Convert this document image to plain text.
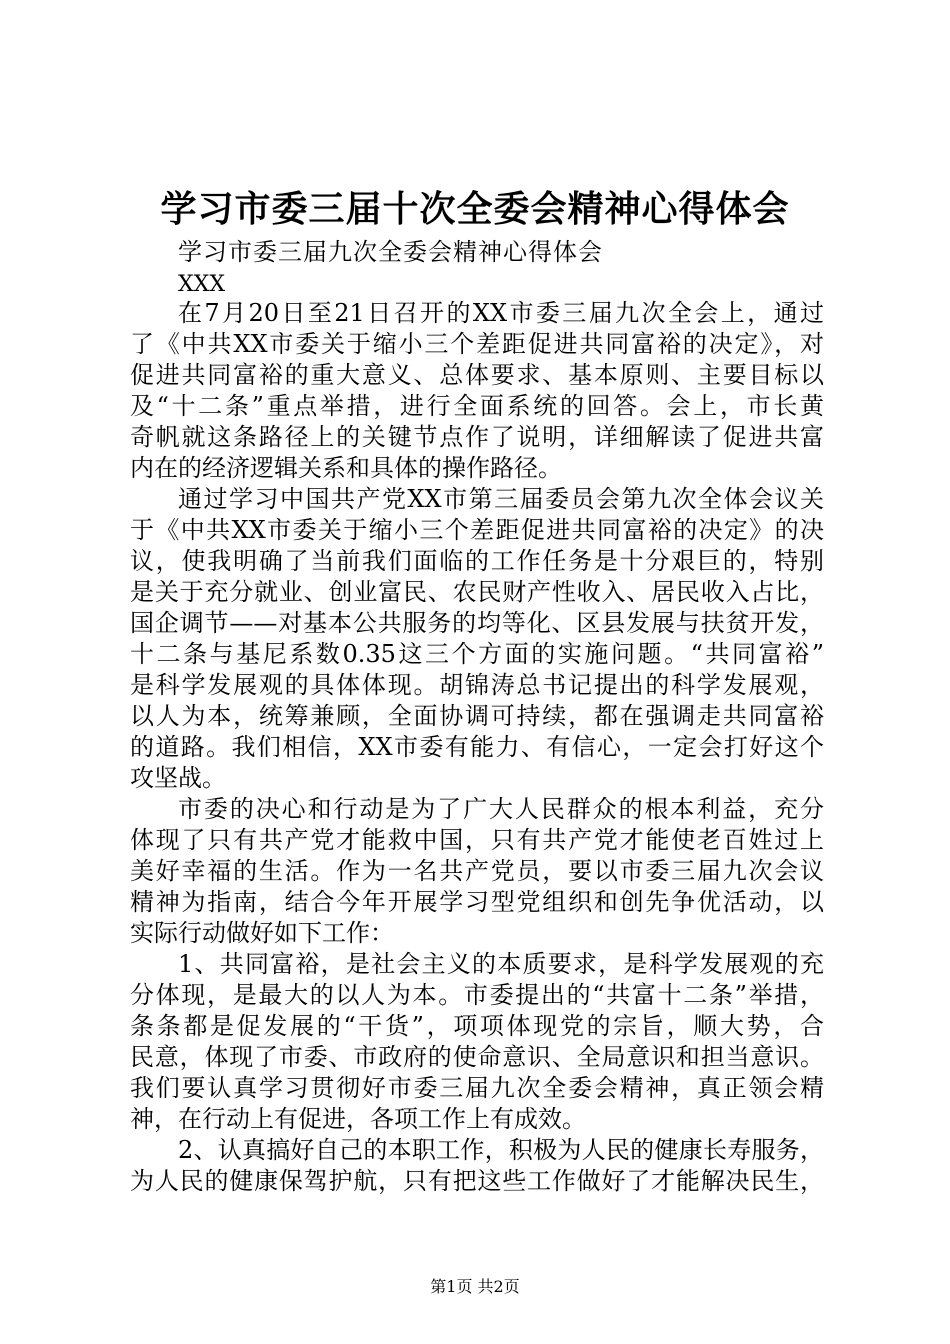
学习市委三届十次全委会精神心得体会
学习市委三届九次全委会精神心得体会
XXX
在7月20日至21日召开的XX市委三届九次全会上，通过
了《中共XX市委关于缩小三个差距促进共同富裕的决定》，对
促进共同富裕的重大意义、总体要求、基本原则、主要目标以
及“十二条”重点举措，进行全面系统的回答。会上，市长黄
奇帆就这条路径上的关键节点作了说明，详细解读了促进共富
内在的经济逻辑关系和具体的操作路径。
通过学习中国共产党XX市第三届委员会第九次全体会议关
于《中共XX市委关于缩小三个差距促进共同富裕的决定》的决
议，使我明确了当前我们面临的工作任务是十分艰巨的，特别
是关于充分就业、创业富民、农民财产性收入、居民收入占比，
国企调节——对基本公共服务的均等化、区县发展与扶贫开发，
十二条与基尼系数0.35这三个方面的实施问题。“共同富裕”
是科学发展观的具体体现。胡锦涛总书记提出的科学发展观，
以人为本，统筹兼顾，全面协调可持续，都在强调走共同富裕
的道路。我们相信，XX市委有能力、有信心，一定会打好这个
攻坚战。
市委的决心和行动是为了广大人民群众的根本利益，充分
体现了只有共产党才能救中国，只有共产党才能使老百姓过上
美好幸福的生活。作为一名共产党员，要以市委三届九次会议
精神为指南，结合今年开展学习型党组织和创先争优活动，以
实际行动做好如下工作：
1、共同富裕，是社会主义的本质要求，是科学发展观的充
分体现，是最大的以人为本。市委提出的“共富十二条”举措，
条条都是促发展的“干货”，项项体现党的宗旨，顺大势，合
民意，体现了市委、市政府的使命意识、全局意识和担当意识。
我们要认真学习贯彻好市委三届九次全委会精神，真正领会精
神，在行动上有促进，各项工作上有成效。
2、认真搞好自己的本职工作，积极为人民的健康长寿服务，
为人民的健康保驾护航，只有把这些工作做好了才能解决民生，
第1页 共2页
